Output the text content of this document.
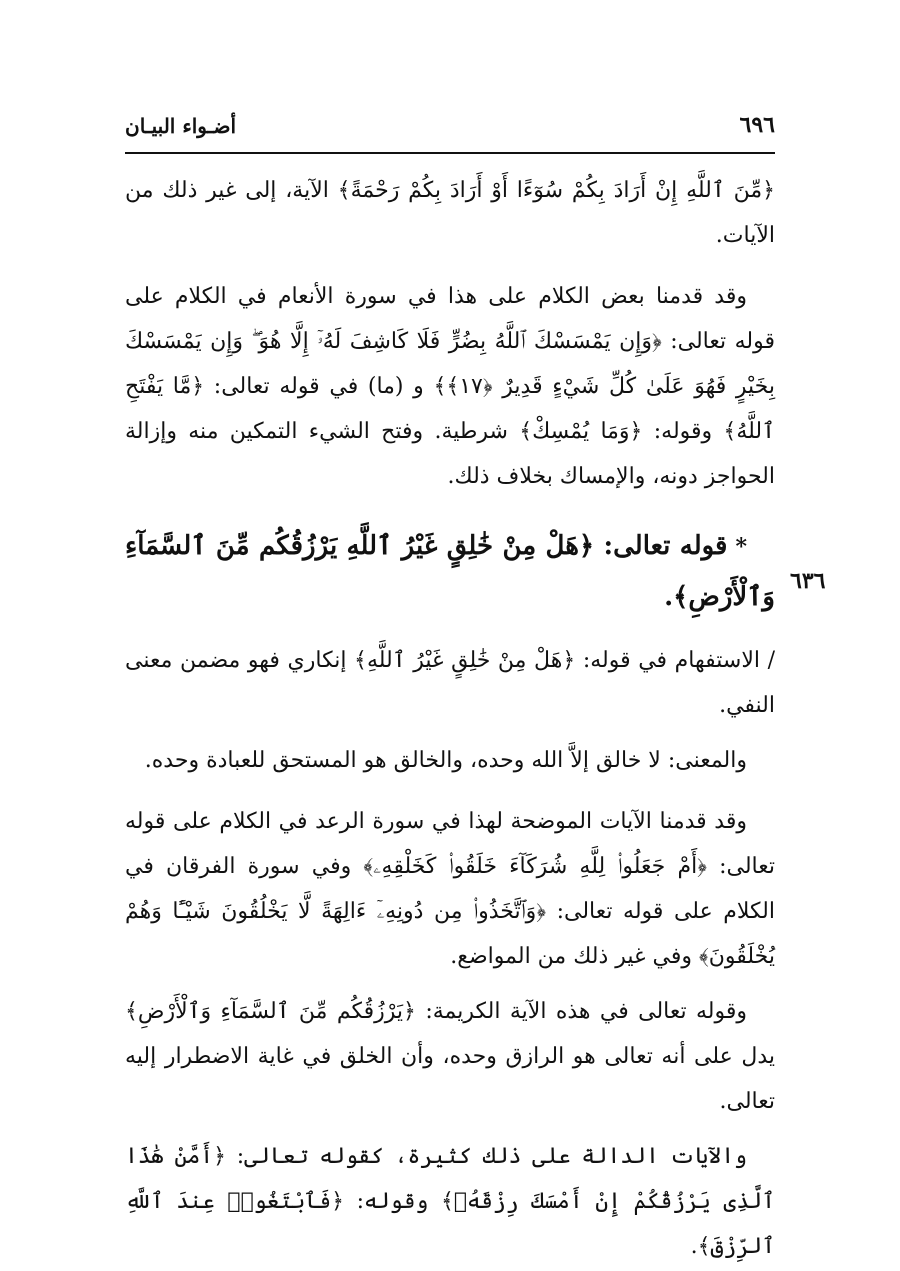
٦٩٦
أضـواء البيـان
٦٣٦

﴿مِّنَ ٱللَّهِ إِنْ أَرَادَ بِكُمْ سُوٓءًا أَوْ أَرَادَ بِكُمْ رَحْمَةً﴾ الآية، إلى غير ذلك من الآيات.

وقد قدمنا بعض الكلام على هذا في سورة الأنعام في الكلام على قوله تعالى: ﴿وَإِن يَمْسَسْكَ ٱللَّهُ بِضُرٍّ فَلَا كَاشِفَ لَهُۥٓ إِلَّا هُوَ ۖ وَإِن يَمْسَسْكَ بِخَيْرٍ فَهُوَ عَلَىٰ كُلِّ شَيْءٍ قَدِيرٌ ﴿١٧﴾﴾ و (ما) في قوله تعالى: ﴿مَّا يَفْتَحِ ٱللَّهُ﴾ وقوله: ﴿وَمَا يُمْسِكْ﴾ شرطية. وفتح الشيء التمكين منه وإزالة الحواجز دونه، والإمساك بخلاف ذلك.

*قوله تعالى: ﴿هَلْ مِنْ خَٰلِقٍ غَيْرُ ٱللَّهِ يَرْزُقُكُم مِّنَ ٱلسَّمَآءِ وَٱلْأَرْضِ﴾.

/ الاستفهام في قوله: ﴿هَلْ مِنْ خَٰلِقٍ غَيْرُ ٱللَّهِ﴾ إنكاري فهو مضمن معنى النفي.

والمعنى: لا خالق إلاَّ الله وحده، والخالق هو المستحق للعبادة وحده.

وقد قدمنا الآيات الموضحة لهذا في سورة الرعد في الكلام على قوله تعالى: ﴿أَمْ جَعَلُوا۟ لِلَّهِ شُرَكَآءَ خَلَقُوا۟ كَخَلْقِهِۦ﴾ وفي سورة الفرقان في الكلام على قوله تعالى: ﴿وَٱتَّخَذُوا۟ مِن دُونِهِۦٓ ءَالِهَةً لَّا يَخْلُقُونَ شَيْـًٔا وَهُمْ يُخْلَقُونَ﴾ وفي غير ذلك من المواضع.

وقوله تعالى في هذه الآية الكريمة: ﴿يَرْزُقُكُم مِّنَ ٱلسَّمَآءِ وَٱلْأَرْضِ﴾ يدل على أنه تعالى هو الرازق وحده، وأن الخلق في غاية الاضطرار إليه تعالى.

والآيات الدالة على ذلك كثيرة، كقوله تعالى: ﴿أَمَّنْ هَٰذَا ٱلَّذِى يَرْزُقُكُمْ إِنْ أَمْسَكَ رِزْقَهُۥ﴾ وقوله: ﴿فَٱبْتَغُوا۟ عِندَ ٱللَّهِ ٱلرِّزْقَ﴾.
